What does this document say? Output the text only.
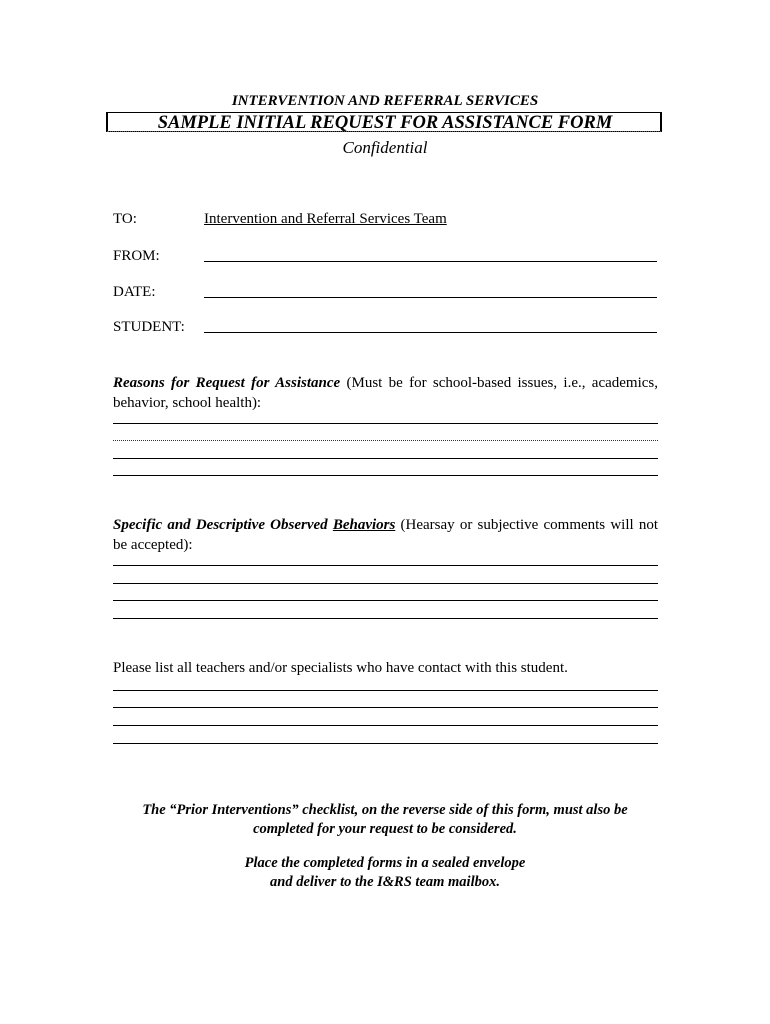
INTERVENTION AND REFERRAL SERVICES
SAMPLE INITIAL REQUEST FOR ASSISTANCE FORM
Confidential
TO:	Intervention and Referral Services Team
FROM:
DATE:
STUDENT:
Reasons for Request for Assistance (Must be for school-based issues, i.e., academics, behavior, school health):
Specific and Descriptive Observed Behaviors (Hearsay or subjective comments will not be accepted):
Please list all teachers and/or specialists who have contact with this student.
The “Prior Interventions” checklist, on the reverse side of this form, must also be
completed for your request to be considered.
Place the completed forms in a sealed envelope
and deliver to the I&RS team mailbox.
